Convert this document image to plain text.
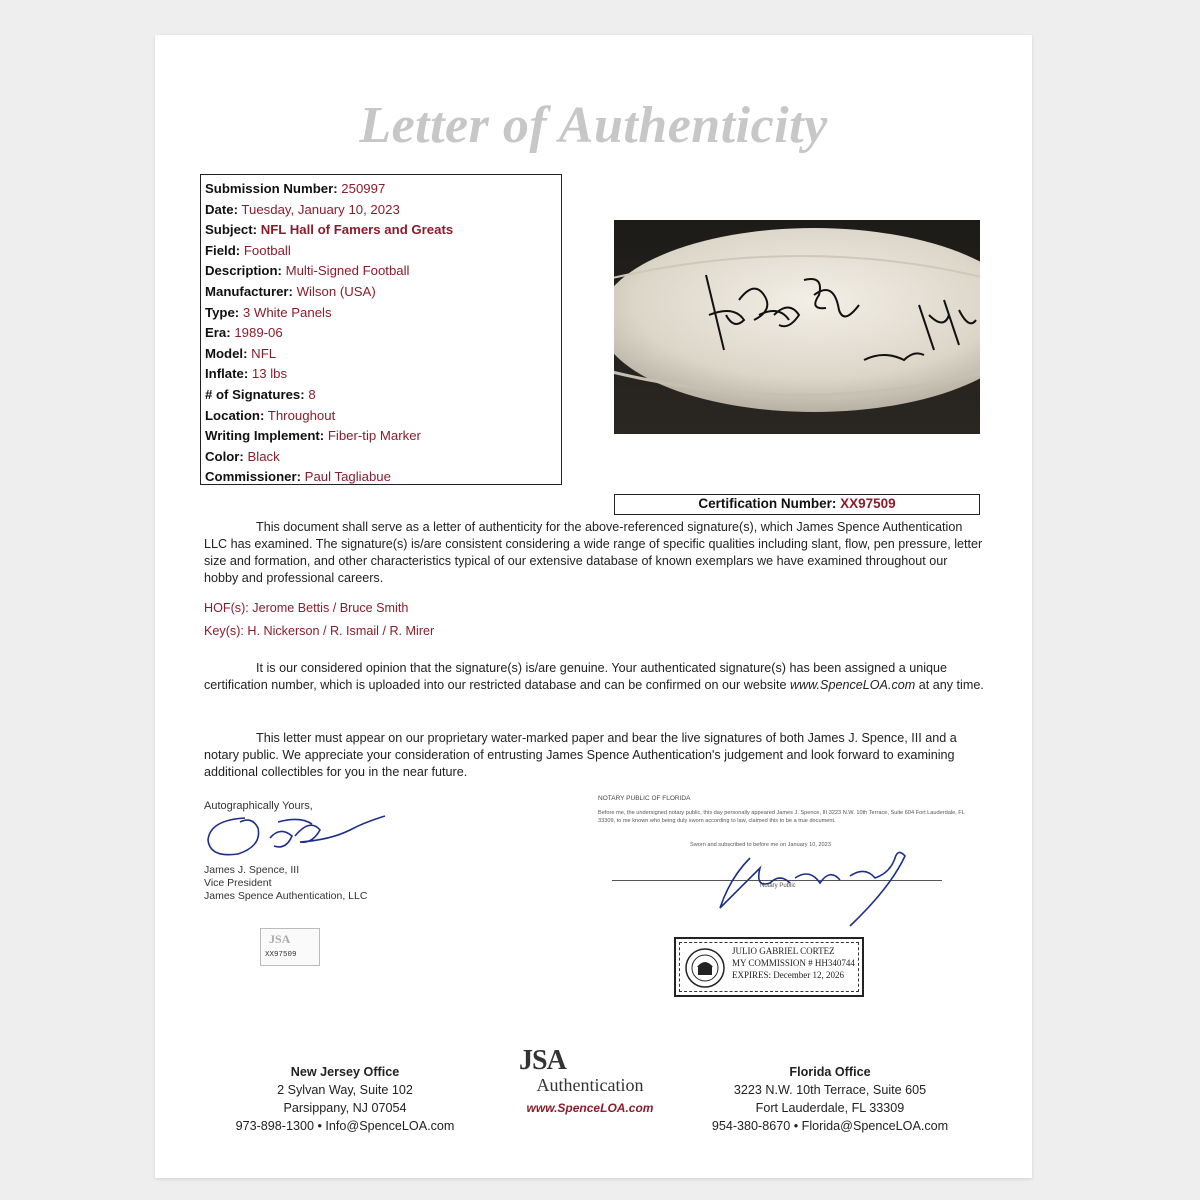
Letter of Authenticity
Submission Number: 250997
Date: Tuesday, January 10, 2023
Subject: NFL Hall of Famers and Greats
Field: Football
Description: Multi-Signed Football
Manufacturer: Wilson (USA)
Type: 3 White Panels
Era: 1989-06
Model: NFL
Inflate: 13 lbs
# of Signatures: 8
Location: Throughout
Writing Implement: Fiber-tip Marker
Color: Black
Commissioner: Paul Tagliabue
Certification Number: XX97509
This document shall serve as a letter of authenticity for the above-referenced signature(s), which James Spence Authentication LLC has examined. The signature(s) is/are consistent considering a wide range of specific qualities including slant, flow, pen pressure, letter size and formation, and other characteristics typical of our extensive database of known exemplars we have examined throughout our hobby and professional careers.
HOF(s): Jerome Bettis / Bruce Smith
Key(s): H. Nickerson / R. Ismail / R. Mirer
It is our considered opinion that the signature(s) is/are genuine. Your authenticated signature(s) has been assigned a unique certification number, which is uploaded into our restricted database and can be confirmed on our website www.SpenceLOA.com at any time.
This letter must appear on our proprietary water-marked paper and bear the live signatures of both James J. Spence, III and a notary public. We appreciate your consideration of entrusting James Spence Authentication's judgement and look forward to examining additional collectibles for you in the near future.
Autographically Yours,
James J. Spence, III
Vice President
James Spence Authentication, LLC
JSA
XX97509
NOTARY PUBLIC OF FLORIDA
Before me, the undersigned notary public, this day personally appeared James J. Spence, III 3223 N.W. 10th Terrace, Suite 604 Fort Lauderdale, FL 33309, to me known who being duly sworn according to law, claimed this to be a true document.
Sworn and subscribed to before me on January 10, 2023
Notary Public
JULIO GABRIEL CORTEZ
MY COMMISSION # HH340744
EXPIRES: December 12, 2026
New Jersey Office
2 Sylvan Way, Suite 102
Parsippany, NJ 07054
973-898-1300 • Info@SpenceLOA.com
JSA
Authentication
www.SpenceLOA.com
Florida Office
3223 N.W. 10th Terrace, Suite 605
Fort Lauderdale, FL 33309
954-380-8670 • Florida@SpenceLOA.com
